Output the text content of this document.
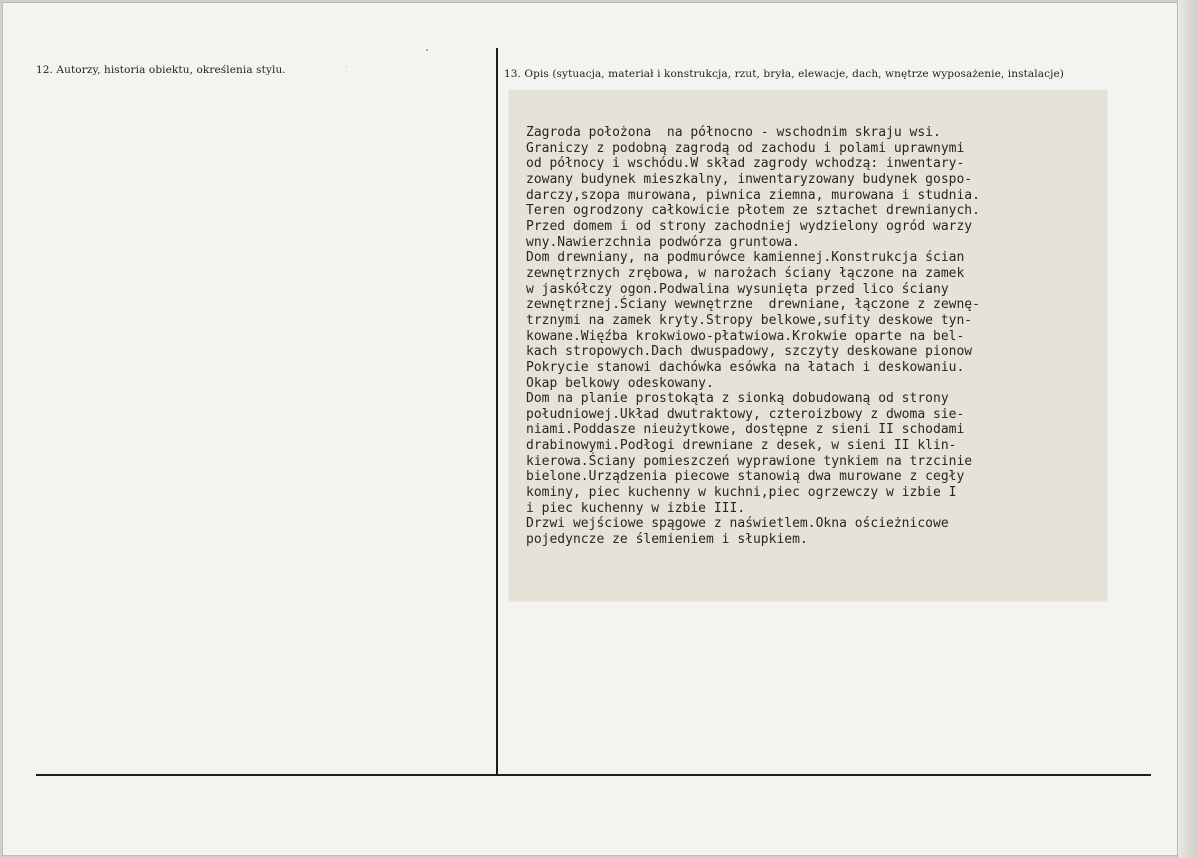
12. Autorzy, historia obiektu, określenia stylu.	13. Opis (sytuacja, materiał i konstrukcja, rzut, bryła, elewacje, dach, wnętrze wyposażenie, instalacje)
Zagroda położona  na północno - wschodnim skraju wsi.
Graniczy z podobną zagrodą od zachodu i polami uprawnymi
od północy i wschódu.W skład zagrody wchodzą: inwentary-
zowany budynek mieszkalny, inwentaryzowany budynek gospo-
darczy,szopa murowana, piwnica ziemna, murowana i studnia.
Teren ogrodzony całkowicie płotem ze sztachet drewnianych.
Przed domem i od strony zachodniej wydzielony ogród warzy
wny.Nawierzchnia podwórza gruntowa.
Dom drewniany, na podmurówce kamiennej.Konstrukcja ścian
zewnętrznych zrębowa, w narożach ściany łączone na zamek
w jaskółczy ogon.Podwalina wysunięta przed lico ściany
zewnętrznej.Ściany wewnętrzne  drewniane, łączone z zewnę-
trznymi na zamek kryty.Stropy belkowe,sufity deskowe tyn-
kowane.Więźba krokwiowo-płatwiowa.Krokwie oparte na bel-
kach stropowych.Dach dwuspadowy, szczyty deskowane pionow
Pokrycie stanowi dachówka esówka na łatach i deskowaniu.
Okap belkowy odeskowany.
Dom na planie prostokąta z sionką dobudowaną od strony
południowej.Układ dwutraktowy, czteroizbowy z dwoma sie-
niami.Poddasze nieużytkowe, dostępne z sieni II schodami
drabinowymi.Podłogi drewniane z desek, w sieni II klin-
kierowa.Ściany pomieszczeń wyprawione tynkiem na trzcinie
bielone.Urządzenia piecowe stanowią dwa murowane z cegły
kominy, piec kuchenny w kuchni,piec ogrzewczy w izbie I
i piec kuchenny w izbie III.
Drzwi wejściowe spągowe z naświetlem.Okna ościeżnicowe
pojedyncze ze ślemieniem i słupkiem.
